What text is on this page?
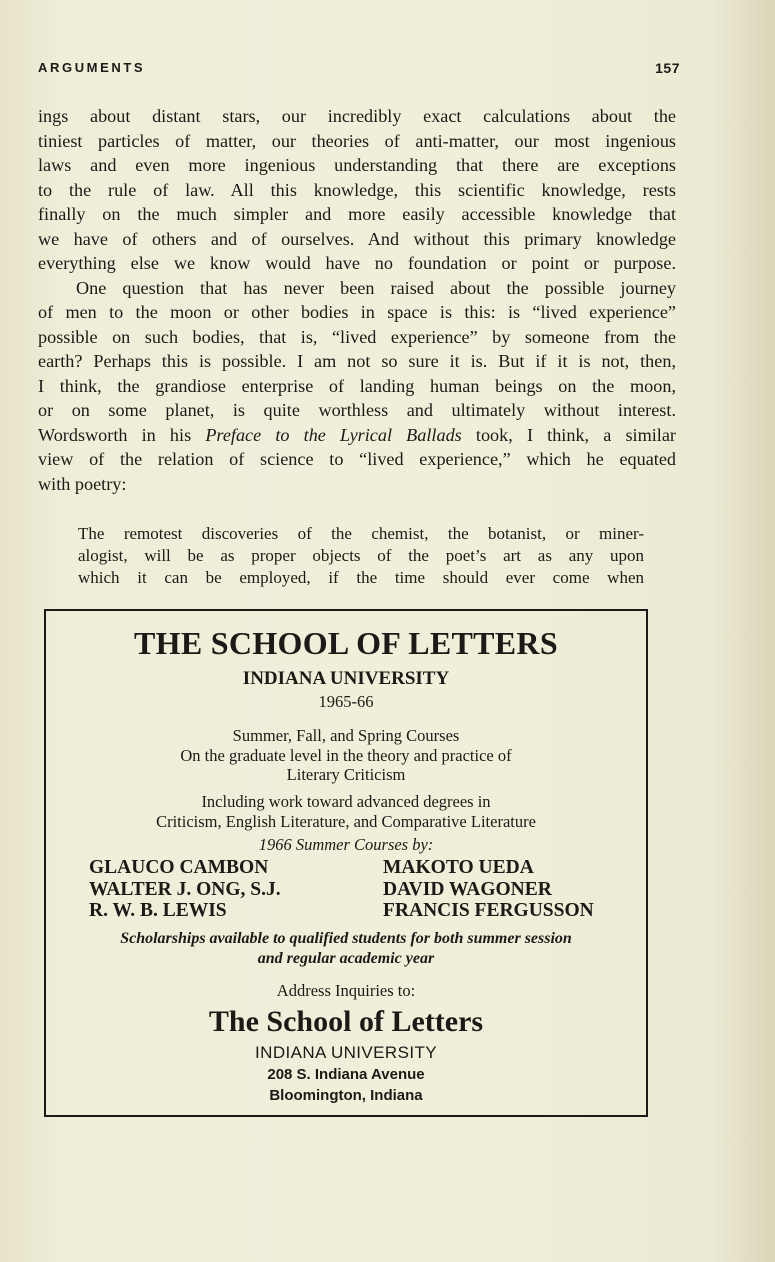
ARGUMENTS	157
ings about distant stars, our incredibly exact calculations about the
tiniest particles of matter, our theories of anti-matter, our most ingenious
laws and even more ingenious understanding that there are exceptions
to the rule of law. All this knowledge, this scientific knowledge, rests
finally on the much simpler and more easily accessible knowledge that
we have of others and of ourselves. And without this primary knowledge
everything else we know would have no foundation or point or purpose.
One question that has never been raised about the possible journey
of men to the moon or other bodies in space is this: is “lived experience”
possible on such bodies, that is, “lived experience” by someone from the
earth? Perhaps this is possible. I am not so sure it is. But if it is not, then,
I think, the grandiose enterprise of landing human beings on the moon,
or on some planet, is quite worthless and ultimately without interest.
Wordsworth in his Preface to the Lyrical Ballads took, I think, a similar
view of the relation of science to “lived experience,” which he equated
with poetry:
The remotest discoveries of the chemist, the botanist, or miner-
alogist, will be as proper objects of the poet’s art as any upon
which it can be employed, if the time should ever come when
THE SCHOOL OF LETTERS
INDIANA UNIVERSITY
1965-66
Summer, Fall, and Spring Courses
On the graduate level in the theory and practice of
Literary Criticism
Including work toward advanced degrees in
Criticism, English Literature, and Comparative Literature
1966 Summer Courses by:
GLAUCO CAMBON
WALTER J. ONG, S.J.
R. W. B. LEWIS
MAKOTO UEDA
DAVID WAGONER
FRANCIS FERGUSSON
Scholarships available to qualified students for both summer session
and regular academic year
Address Inquiries to:
The School of Letters
INDIANA UNIVERSITY
208 S. Indiana Avenue
Bloomington, Indiana
